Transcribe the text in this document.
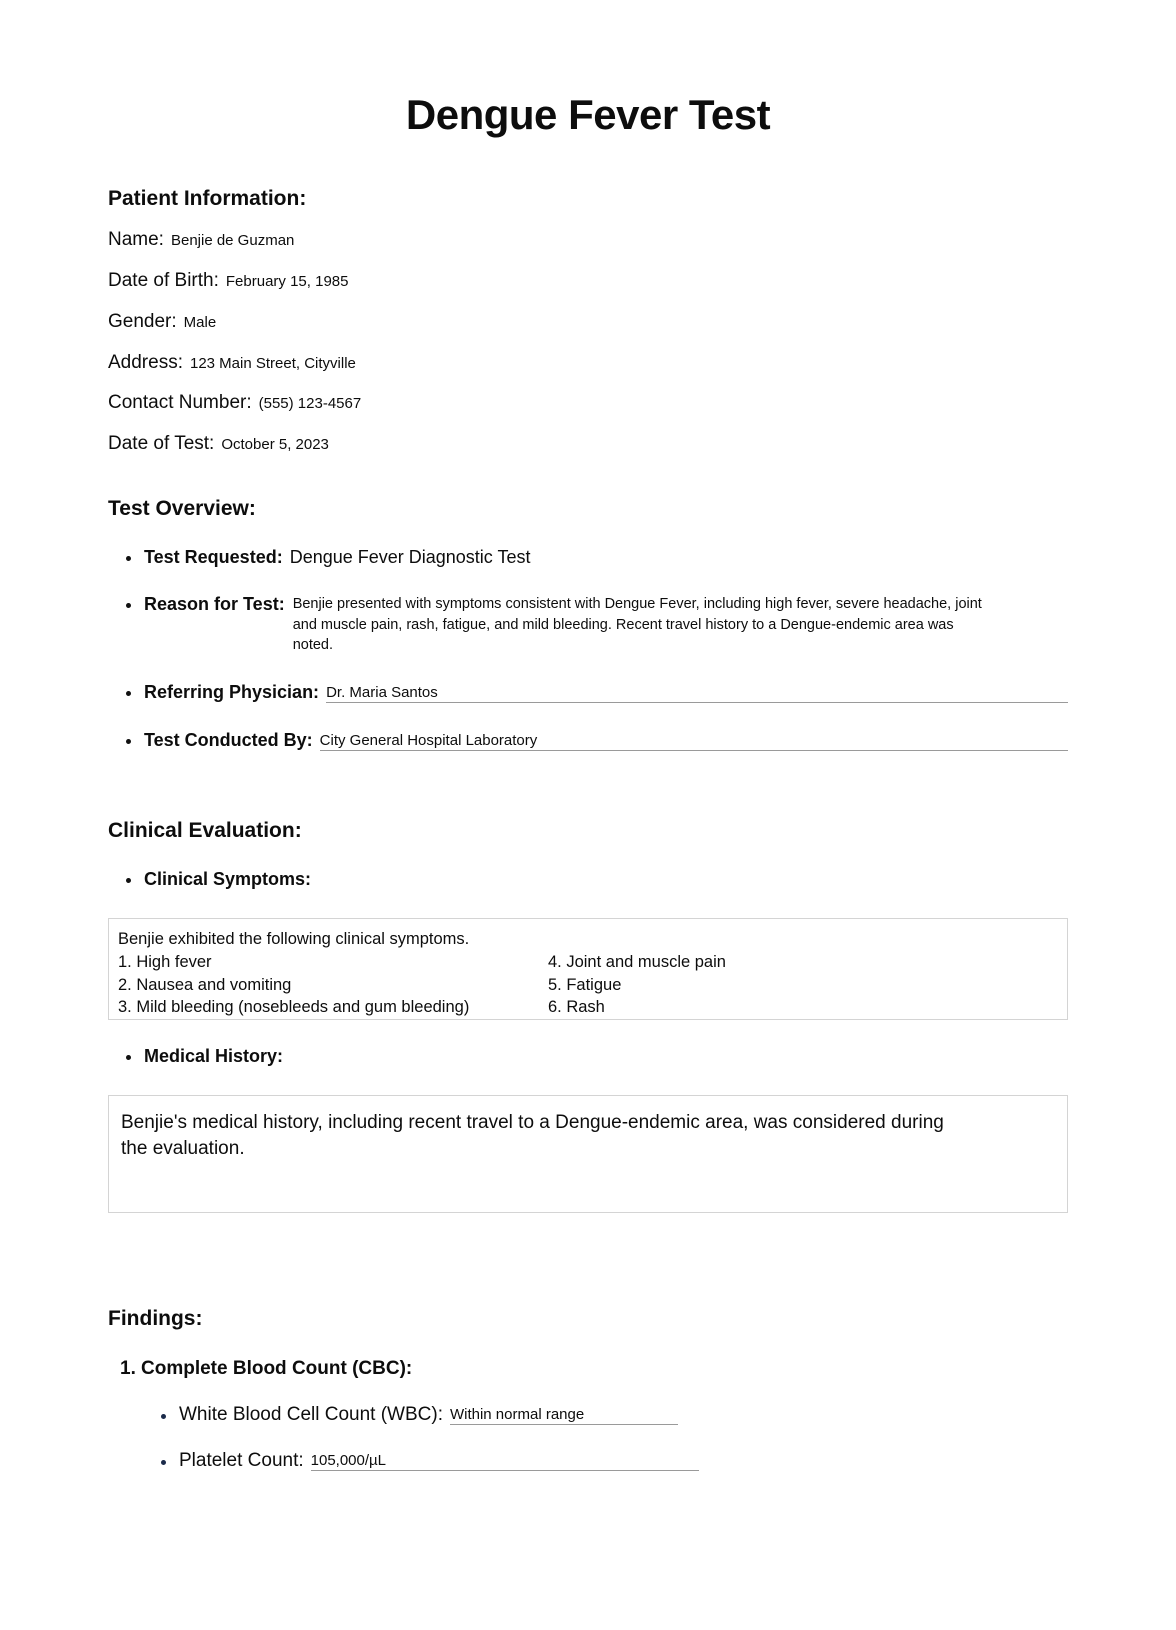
Dengue Fever Test
Patient Information:
Name: Benjie de Guzman
Date of Birth: February 15, 1985
Gender: Male
Address: 123 Main Street, Cityville
Contact Number: (555) 123-4567
Date of Test: October 5, 2023
Test Overview:
Test Requested: Dengue Fever Diagnostic Test
Reason for Test: Benjie presented with symptoms consistent with Dengue Fever, including high fever, severe headache, joint and muscle pain, rash, fatigue, and mild bleeding. Recent travel history to a Dengue-endemic area was noted.
Referring Physician: Dr. Maria Santos
Test Conducted By: City General Hospital Laboratory
Clinical Evaluation:
Clinical Symptoms:
Benjie exhibited the following clinical symptoms.
1. High fever	4. Joint and muscle pain
2. Nausea and vomiting	5. Fatigue
3. Mild bleeding (nosebleeds and gum bleeding)	6. Rash
Medical History:
Benjie's medical history, including recent travel to a Dengue-endemic area, was considered during the evaluation.
Findings:
Complete Blood Count (CBC):
White Blood Cell Count (WBC): Within normal range
Platelet Count: 105,000/µL
